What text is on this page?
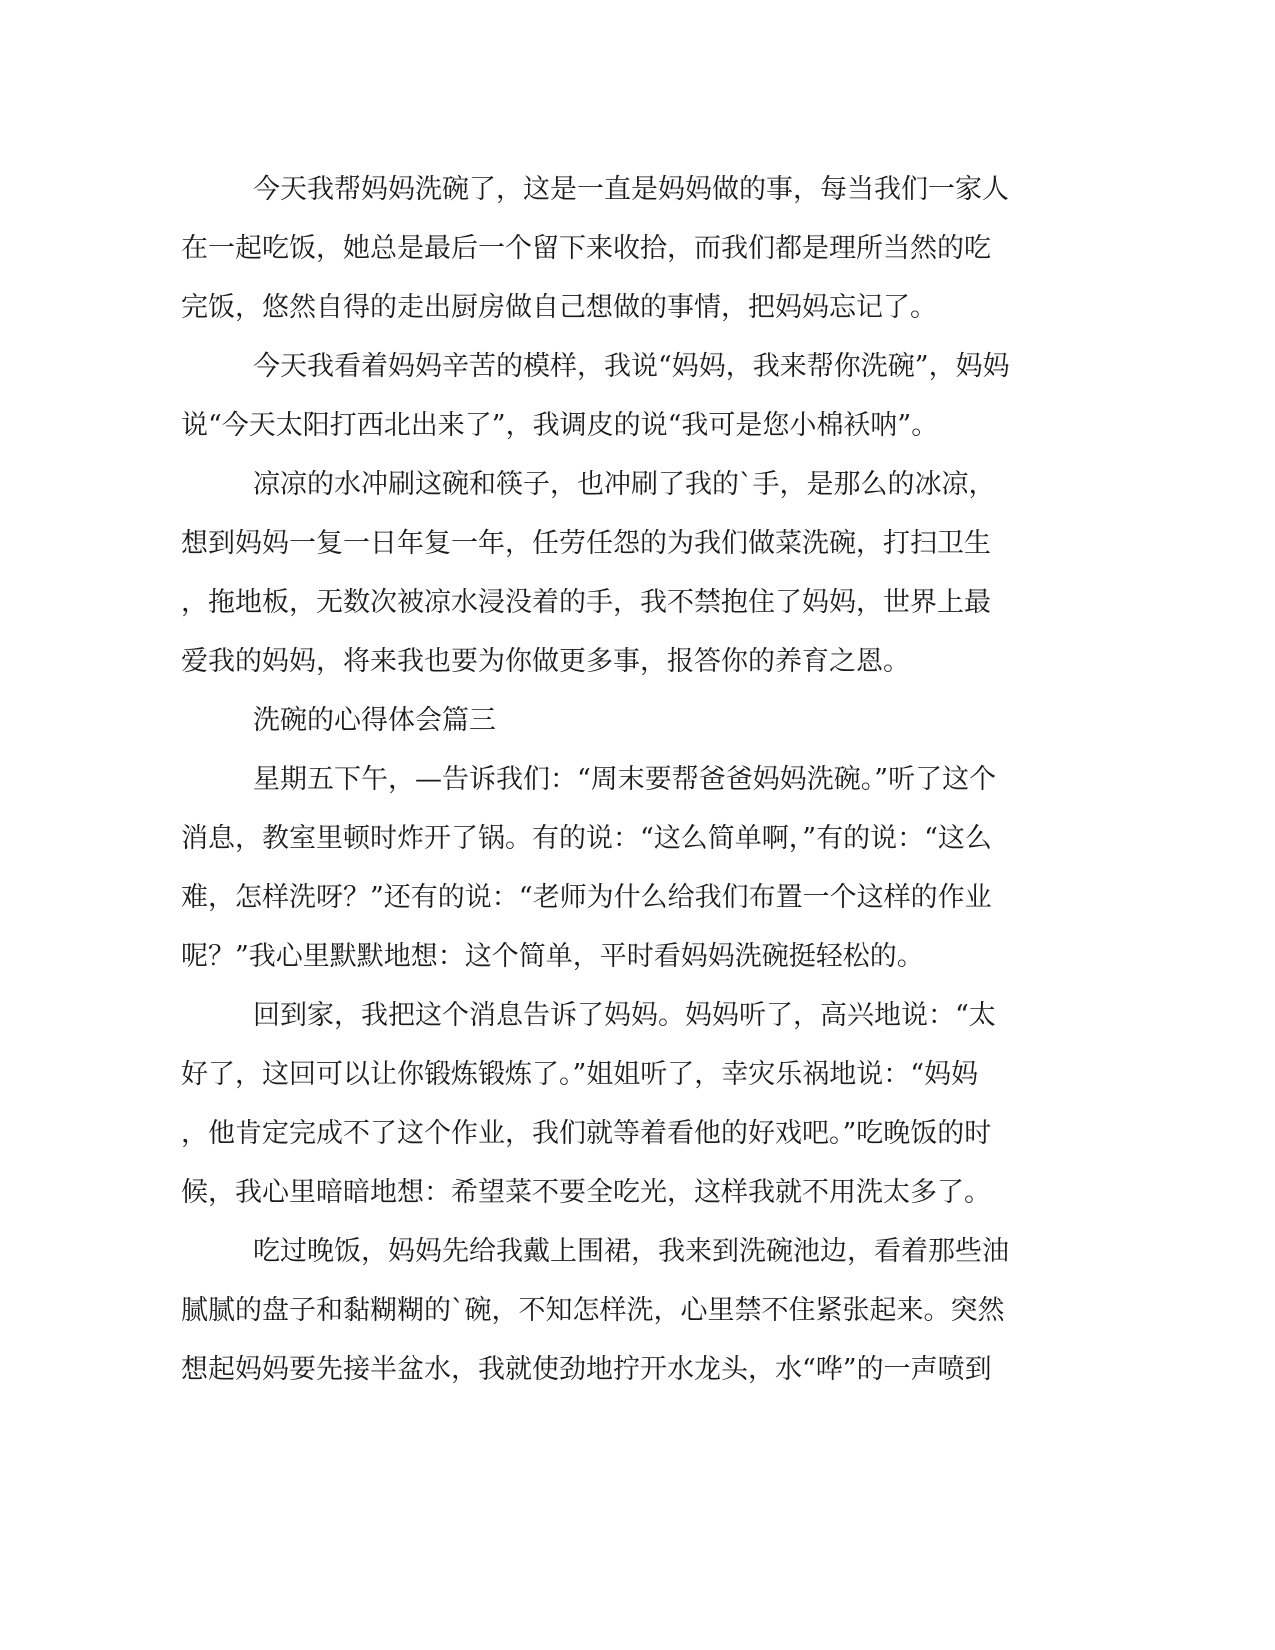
今天我帮妈妈洗碗了，这是一直是妈妈做的事，每当我们一家人
在一起吃饭，她总是最后一个留下来收拾，而我们都是理所当然的吃
完饭，悠然自得的走出厨房做自己想做的事情，把妈妈忘记了。
今天我看着妈妈辛苦的模样，我说“妈妈，我来帮你洗碗”，妈妈
说“今天太阳打西北出来了”，我调皮的说“我可是您小棉袄呐”。
凉凉的水冲刷这碗和筷子，也冲刷了我的`手，是那么的冰凉，
想到妈妈一复一日年复一年，任劳任怨的为我们做菜洗碗，打扫卫生
，拖地板，无数次被凉水浸没着的手，我不禁抱住了妈妈，世界上最
爱我的妈妈，将来我也要为你做更多事，报答你的养育之恩。
洗碗的心得体会篇三
星期五下午，—告诉我们：“周末要帮爸爸妈妈洗碗。”听了这个
消息，教室里顿时炸开了锅。有的说：“这么简单啊，”有的说：“这么
难，怎样洗呀？”还有的说：“老师为什么给我们布置一个这样的作业
呢？”我心里默默地想：这个简单，平时看妈妈洗碗挺轻松的。
回到家，我把这个消息告诉了妈妈。妈妈听了，高兴地说：“太
好了，这回可以让你锻炼锻炼了。”姐姐听了，幸灾乐祸地说：“妈妈
，他肯定完成不了这个作业，我们就等着看他的好戏吧。”吃晚饭的时
候，我心里暗暗地想：希望菜不要全吃光，这样我就不用洗太多了。
吃过晚饭，妈妈先给我戴上围裙，我来到洗碗池边，看着那些油
腻腻的盘子和黏糊糊的`碗，不知怎样洗，心里禁不住紧张起来。突然
想起妈妈要先接半盆水，我就使劲地拧开水龙头，水“哗”的一声喷到
